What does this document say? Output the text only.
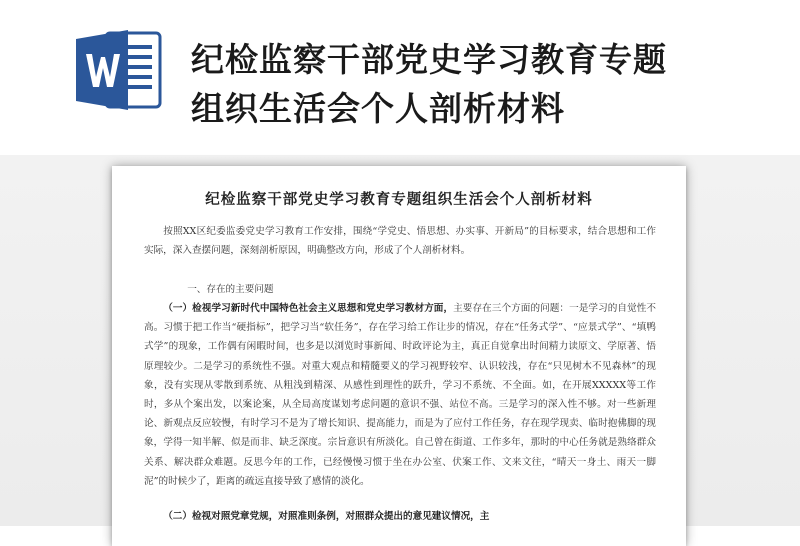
纪检监察干部党史学习教育专题
组织生活会个人剖析材料
纪检监察干部党史学习教育专题组织生活会个人剖析材料

按照XX区纪委监委党史学习教育工作安排，围绕“学党史、悟思想、办实事、开新局”的目标要求，结合思想和工作实际，深入查摆问题，深刻剖析原因，明确整改方向，形成了个人剖析材料。

一、存在的主要问题

（一）检视学习新时代中国特色社会主义思想和党史学习教材方面，主要存在三个方面的问题：一是学习的自觉性不高。习惯于把工作当“硬指标”，把学习当“软任务”，存在学习给工作让步的情况，存在“任务式学”、“应景式学”、“填鸭式学”的现象，工作偶有闲暇时间，也多是以浏览时事新闻、时政评论为主，真正自觉拿出时间精力读原文、学原著、悟原理较少。二是学习的系统性不强。对重大观点和精髓要义的学习视野较窄、认识较浅，存在“只见树木不见森林”的现象，没有实现从零散到系统、从粗浅到精深、从感性到理性的跃升，学习不系统、不全面。如，在开展XXXXX等工作时，多从个案出发，以案论案，从全局高度谋划考虑问题的意识不强、站位不高。三是学习的深入性不够。对一些新理论、新观点反应较慢，有时学习不是为了增长知识、提高能力，而是为了应付工作任务，存在现学现卖、临时抱佛脚的现象，学得一知半解、似是而非、缺乏深度。宗旨意识有所淡化。自己曾在街道、工作多年，那时的中心任务就是熟络群众关系、解决群众难题。反思今年的工作，已经慢慢习惯于坐在办公室、伏案工作、文来文往，“晴天一身土、雨天一脚泥”的时候少了，距离的疏远直接导致了感情的淡化。

（二）检视对照党章党规，对照准则条例，对照群众提出的意见建议情况，主
